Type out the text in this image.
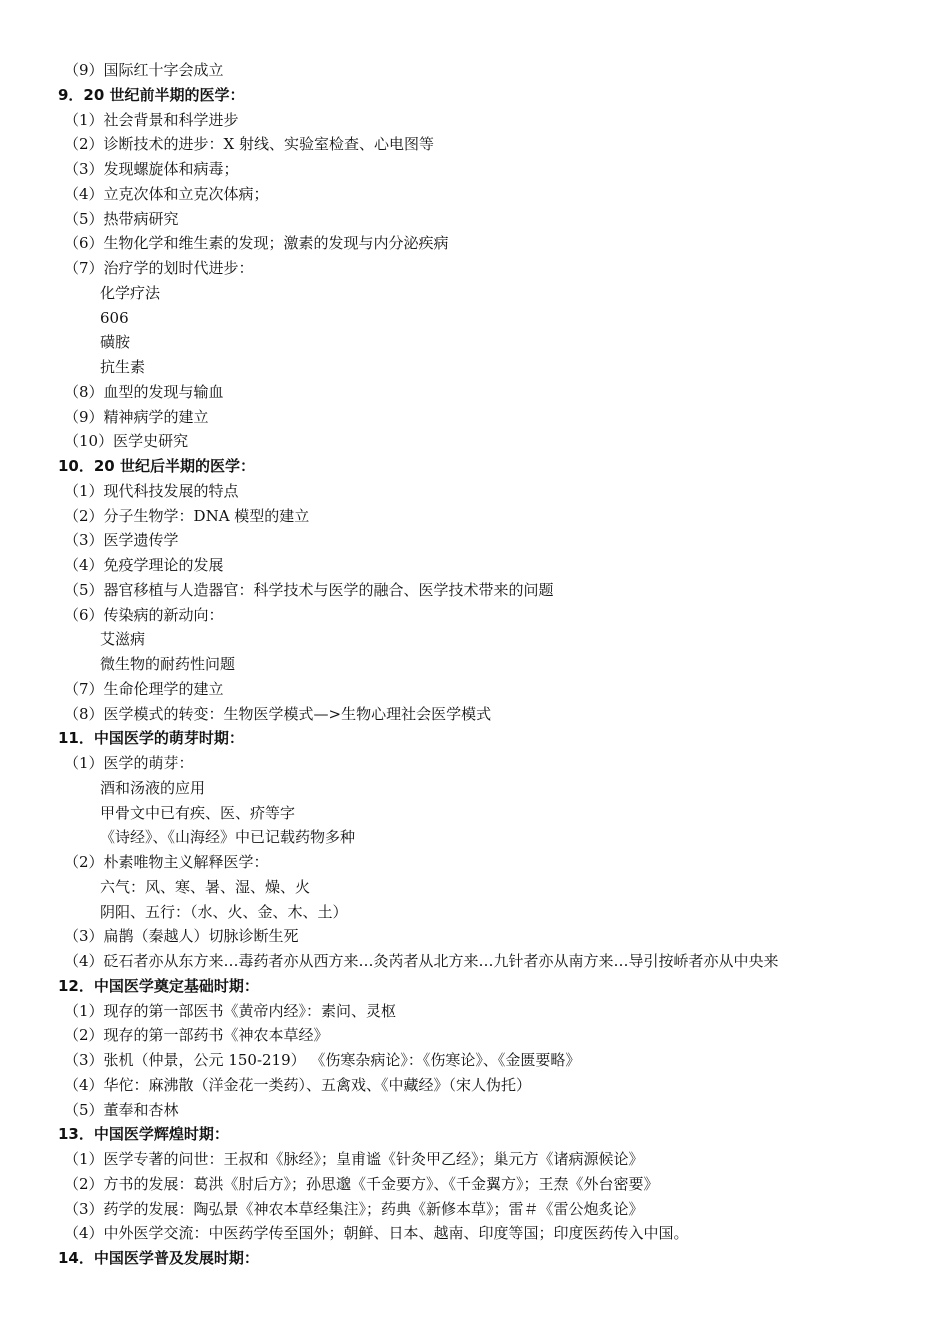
（9）国际红十字会成立
9．20 世纪前半期的医学：
（1）社会背景和科学进步
（2）诊断技术的进步：X 射线、实验室检查、心电图等
（3）发现螺旋体和病毒；
（4）立克次体和立克次体病；
（5）热带病研究
（6）生物化学和维生素的发现；激素的发现与内分泌疾病
（7）治疗学的划时代进步：
化学疗法
606
磺胺
抗生素
（8）血型的发现与输血
（9）精神病学的建立
（10）医学史研究
10．20 世纪后半期的医学：
（1）现代科技发展的特点
（2）分子生物学：DNA 模型的建立
（3）医学遗传学
（4）免疫学理论的发展
（5）器官移植与人造器官：科学技术与医学的融合、医学技术带来的问题
（6）传染病的新动向：
艾滋病
微生物的耐药性问题
（7）生命伦理学的建立
（8）医学模式的转变：生物医学模式—>生物心理社会医学模式
11．中国医学的萌芽时期：
（1）医学的萌芽：
酒和汤液的应用
甲骨文中已有疾、医、疥等字
《诗经》、《山海经》中已记载药物多种
（2）朴素唯物主义解释医学：
六气：风、寒、暑、湿、燥、火
阴阳、五行：（水、火、金、木、土）
（3）扁鹊（秦越人）切脉诊断生死
（4）砭石者亦从东方来…毒药者亦从西方来…灸芮者从北方来…九针者亦从南方来…导引按峤者亦从中央来
12．中国医学奠定基础时期：
（1）现存的第一部医书《黄帝内经》：素问、灵枢
（2）现存的第一部药书《神农本草经》
（3）张机（仲景，公元 150-219） 《伤寒杂病论》：《伤寒论》、《金匮要略》
（4）华佗：麻沸散（洋金花一类药）、五禽戏、《中藏经》（宋人伪托）
（5）董奉和杏林
13．中国医学辉煌时期：
（1）医学专著的问世：王叔和《脉经》；皇甫谧《针灸甲乙经》；巢元方《诸病源候论》
（2）方书的发展：葛洪《肘后方》；孙思邈《千金要方》、《千金翼方》；王焘《外台密要》
（3）药学的发展：陶弘景《神农本草经集注》；药典《新修本草》；雷＃《雷公炮炙论》
（4）中外医学交流：中医药学传至国外；朝鲜、日本、越南、印度等国；印度医药传入中国。
14．中国医学普及发展时期：
